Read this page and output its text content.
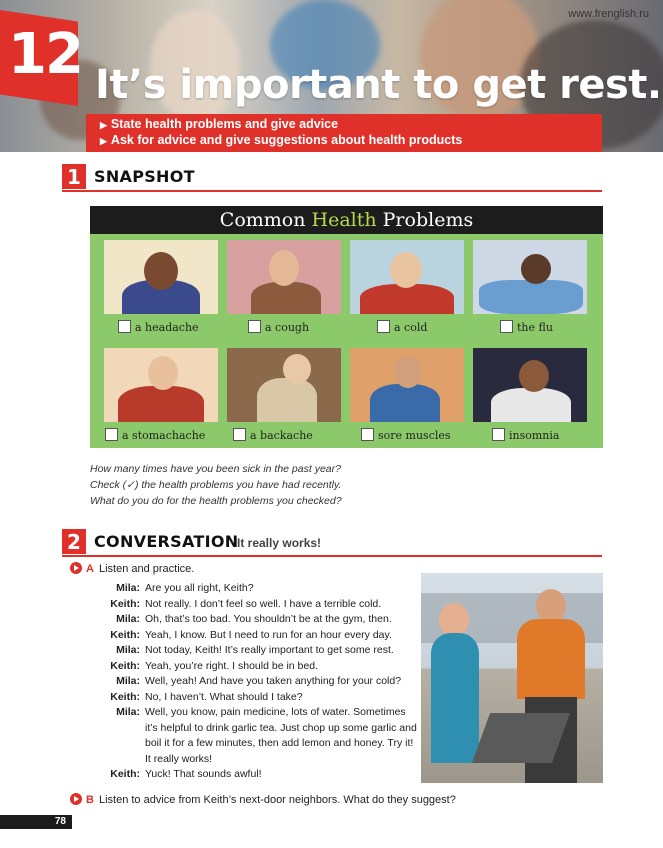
www.frenglish.ru
12 It’s important to get rest.
▶ State health problems and give advice
▶ Ask for advice and give suggestions about health products
1 SNAPSHOT
Common Health Problems
a headache	a cough	a cold	the flu
a stomachache	a backache	sore muscles	insomnia
How many times have you been sick in the past year?
Check (✓) the health problems you have had recently.
What do you do for the health problems you checked?
2 CONVERSATION
It really works!
A Listen and practice.
Mila: Are you all right, Keith?
Keith: Not really. I don’t feel so well. I have a terrible cold.
Mila: Oh, that’s too bad. You shouldn’t be at the gym, then.
Keith: Yeah, I know. But I need to run for an hour every day.
Mila: Not today, Keith! It’s really important to get some rest.
Keith: Yeah, you’re right. I should be in bed.
Mila: Well, yeah! And have you taken anything for your cold?
Keith: No, I haven’t. What should I take?
Mila: Well, you know, pain medicine, lots of water. Sometimes it’s helpful to drink garlic tea. Just chop up some garlic and boil it for a few minutes, then add lemon and honey. Try it! It really works!
Keith: Yuck! That sounds awful!
B Listen to advice from Keith’s next-door neighbors. What do they suggest?
78
